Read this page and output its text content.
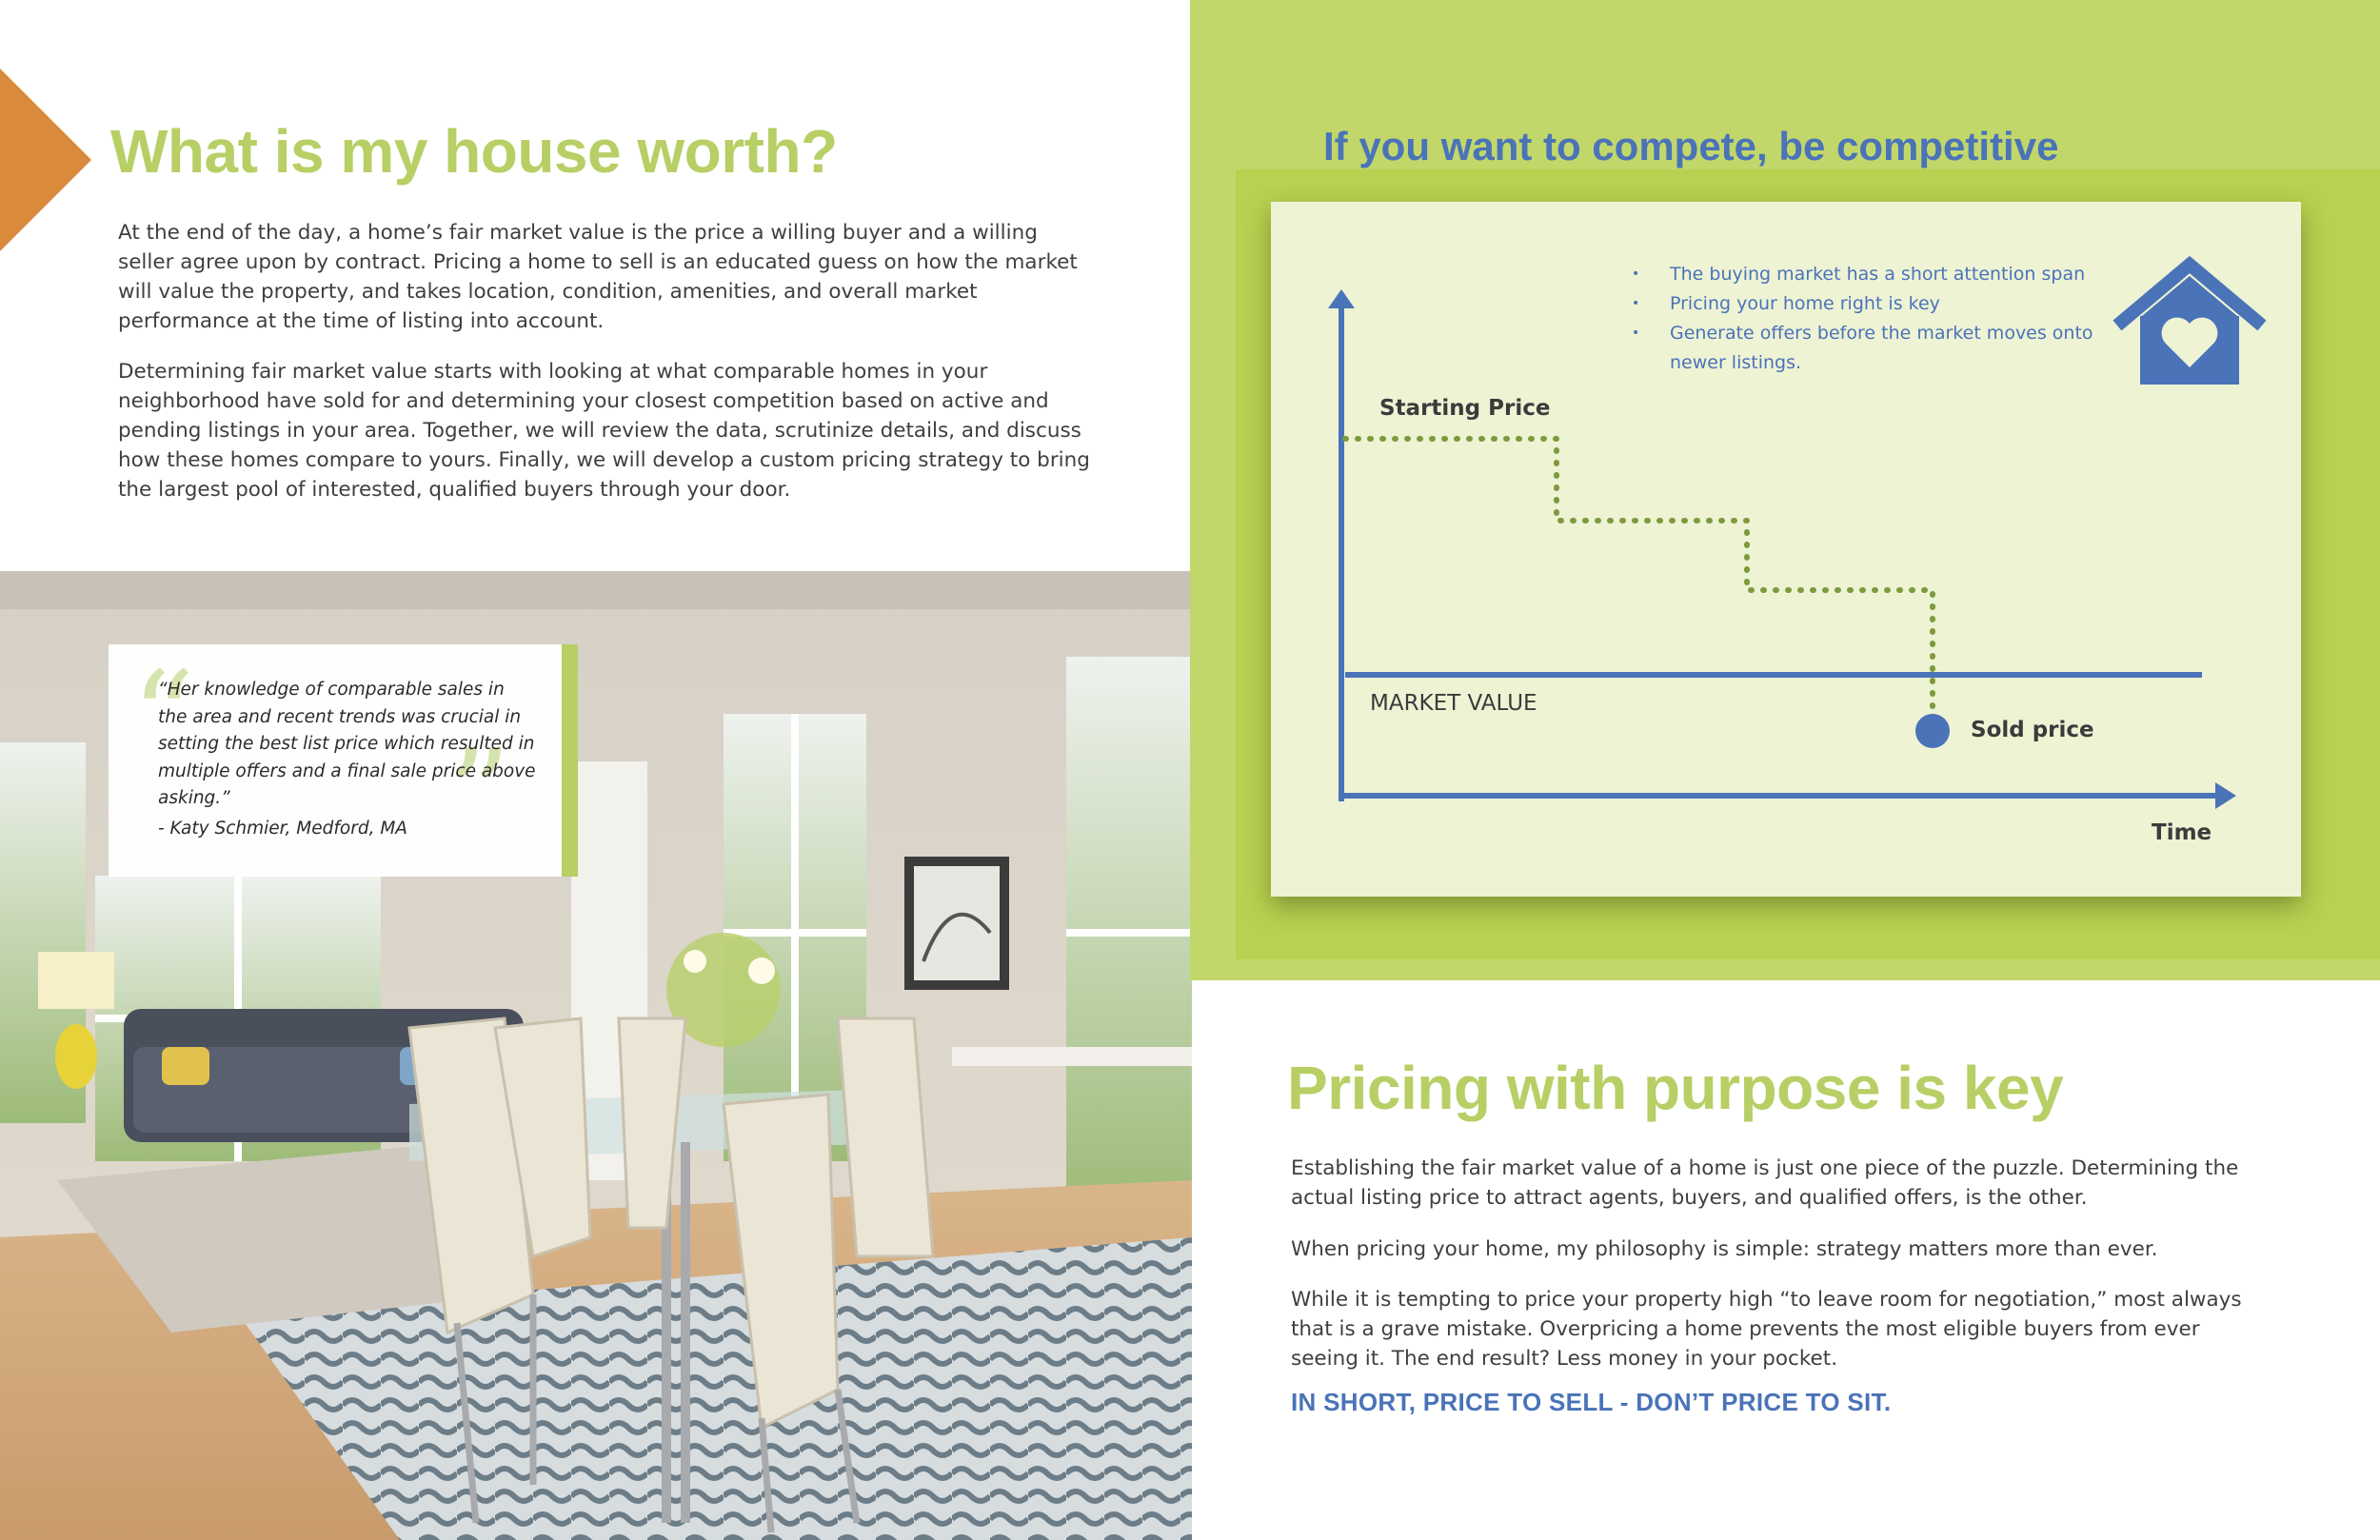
What is my house worth?

At the end of the day, a home’s fair market value is the price a willing buyer and a willing seller agree upon by contract. Pricing a home to sell is an educated guess on how the market will value the property, and takes location, condition, amenities, and overall market performance at the time of listing into account.

Determining fair market value starts with looking at what comparable homes in your neighborhood have sold for and determining your closest competition based on active and pending listings in your area. Together, we will review the data, scrutinize details, and discuss how these homes compare to yours. Finally, we will develop a custom pricing strategy to bring the largest pool of interested, qualified buyers through your door.

“
”

“Her knowledge of comparable sales in the area and recent trends was crucial in setting the best list price which resulted in multiple offers and a final sale price above asking.”

- Katy Schmier, Medford, MA

If you want to compete, be competitive
• The buying market has a short attention span
• Pricing your home right is key
• Generate offers before the market moves onto newer listings.
Starting Price
MARKET VALUE
Sold price
Time
Pricing with purpose is key

Establishing the fair market value of a home is just one piece of the puzzle. Determining the actual listing price to attract agents, buyers, and qualified offers, is the other.

When pricing your home, my philosophy is simple: strategy matters more than ever.

While it is tempting to price your property high “to leave room for negotiation,” most always that is a grave mistake. Overpricing a home prevents the most eligible buyers from ever seeing it. The end result? Less money in your pocket.

IN SHORT, PRICE TO SELL - DON’T PRICE TO SIT.
